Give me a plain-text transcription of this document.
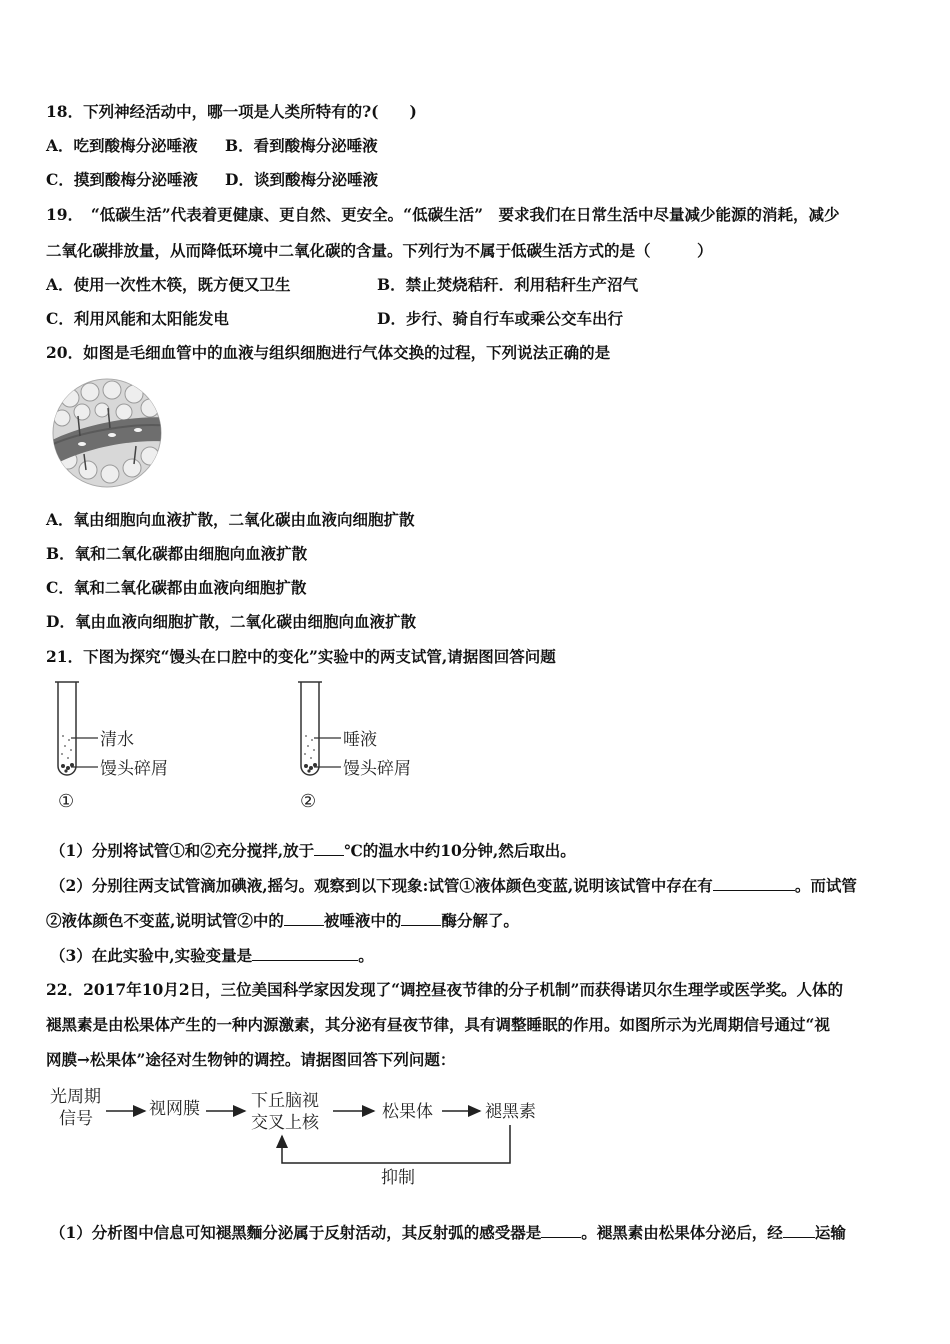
18．下列神经活动中，哪一项是人类所特有的?(　　)
A．吃到酸梅分泌唾液 B．看到酸梅分泌唾液
C．摸到酸梅分泌唾液 D．谈到酸梅分泌唾液
19．　“低碳生活”代表着更健康、更自然、更安全。“低碳生活”　要求我们在日常生活中尽量减少能源的消耗，减少
二氧化碳排放量，从而降低环境中二氧化碳的含量。下列行为不属于低碳生活方式的是（　　　）
A．使用一次性木筷，既方便又卫生	B．禁止焚烧秸秆．利用秸秆生产沼气
C．利用风能和太阳能发电	D．步行、骑自行车或乘公交车出行
20．如图是毛细血管中的血液与组织细胞进行气体交换的过程，下列说法正确的是
A．氧由细胞向血液扩散，二氧化碳由血液向细胞扩散
B．氧和二氧化碳都由细胞向血液扩散
C．氧和二氧化碳都由血液向细胞扩散
D．氧由血液向细胞扩散，二氧化碳由细胞向血液扩散
21．下图为探究“馒头在口腔中的变化”实验中的两支试管,请据图回答问题
清水
馒头碎屑
①
唾液
馒头碎屑
②
（1）分别将试管①和②充分搅拌,放于 ℃的温水中约10分钟,然后取出。
（2）分别往两支试管滴加碘液,摇匀。观察到以下现象:试管①液体颜色变蓝,说明该试管中存在有	。而试管
②液体颜色不变蓝,说明试管②中的	被唾液中的	酶分解了。
（3）在此实验中,实验变量是	。
22．2017年10月2日，三位美国科学家因发现了“调控昼夜节律的分子机制”而获得诺贝尔生理学或医学奖。人体的
褪黑素是由松果体产生的一种内源激素，其分泌有昼夜节律，具有调整睡眠的作用。如图所示为光周期信号通过“视
网膜→松果体”途径对生物钟的调控。请据图回答下列问题：
光周期
信号	视网膜	下丘脑视
交叉上核
松果体	褪黑素
抑制
（1）分析图中信息可知褪黑麵分泌属于反射活动，其反射弧的感受器是	。褪黑素由松果体分泌后，经 运输
